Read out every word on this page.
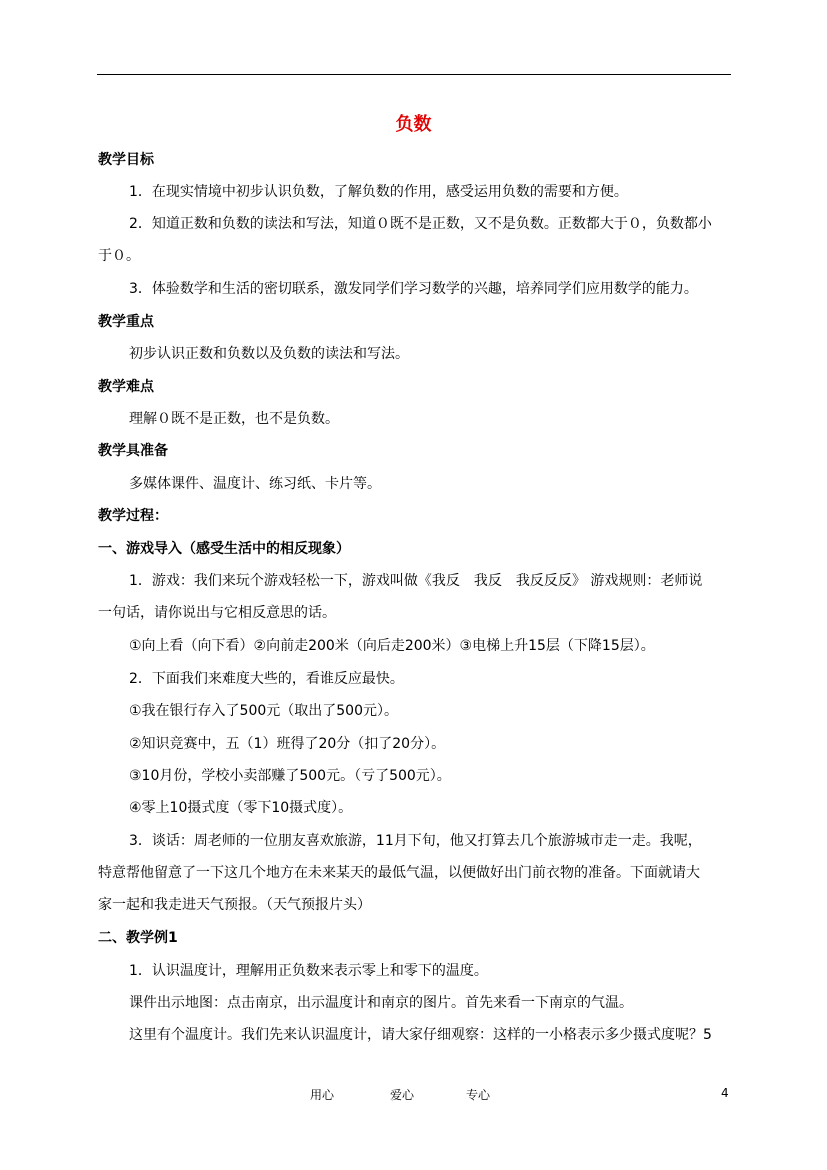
负数
教学目标
1．在现实情境中初步认识负数，了解负数的作用，感受运用负数的需要和方便。
2．知道正数和负数的读法和写法，知道０既不是正数，又不是负数。正数都大于０，负数都小
于０。
3．体验数学和生活的密切联系，激发同学们学习数学的兴趣，培养同学们应用数学的能力。
教学重点
初步认识正数和负数以及负数的读法和写法。
教学难点
理解０既不是正数，也不是负数。
教学具准备
多媒体课件、温度计、练习纸、卡片等。
教学过程：
一、游戏导入（感受生活中的相反现象）
1．游戏：我们来玩个游戏轻松一下，游戏叫做《我反　我反　我反反反》 游戏规则：老师说
一句话，请你说出与它相反意思的话。
①向上看（向下看）②向前走200米（向后走200米）③电梯上升15层（下降15层）。
2．下面我们来难度大些的，看谁反应最快。
①我在银行存入了500元（取出了500元）。
②知识竞赛中，五（1）班得了20分（扣了20分）。
③10月份，学校小卖部赚了500元。（亏了500元）。
④零上10摄式度（零下10摄式度）。
3．谈话：周老师的一位朋友喜欢旅游，11月下旬，他又打算去几个旅游城市走一走。我呢，
特意帮他留意了一下这几个地方在未来某天的最低气温，以便做好出门前衣物的准备。下面就请大
家一起和我走进天气预报。（天气预报片头）
二、教学例1
1．认识温度计，理解用正负数来表示零上和零下的温度。
课件出示地图：点击南京，出示温度计和南京的图片。首先来看一下南京的气温。
这里有个温度计。我们先来认识温度计，请大家仔细观察：这样的一小格表示多少摄式度呢？5
用心	爱心	专心	4
